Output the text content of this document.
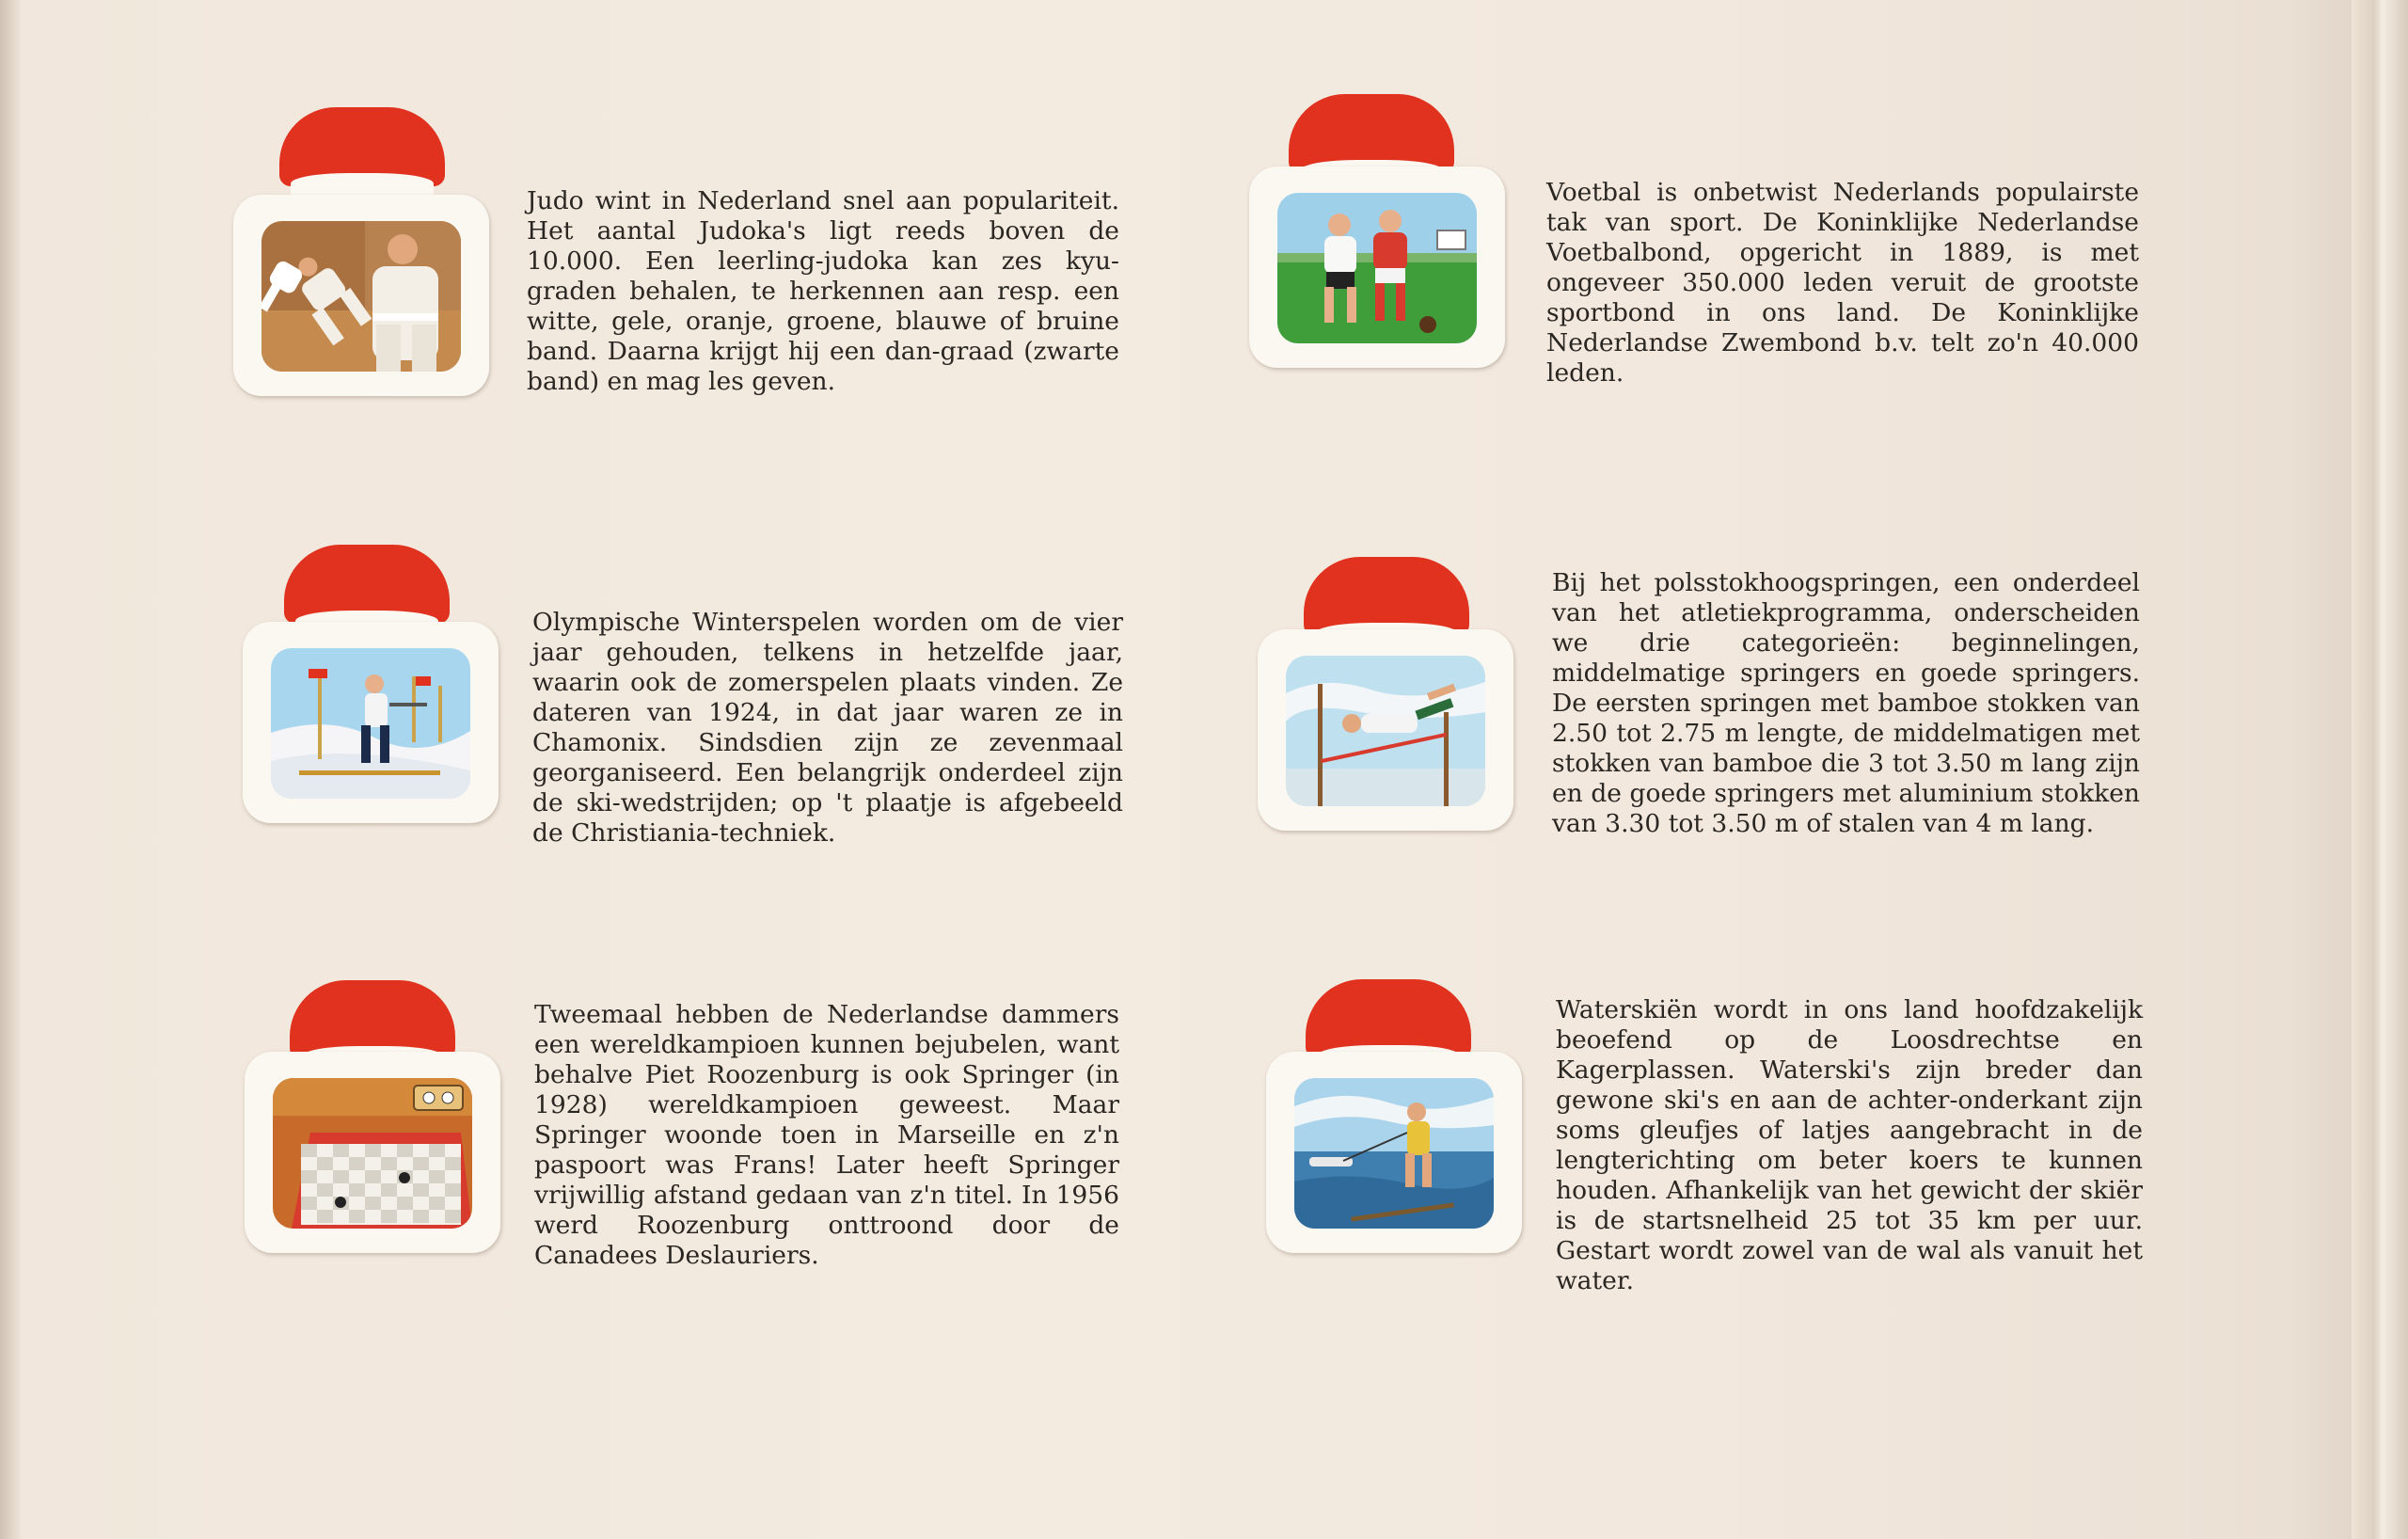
Judo wint in Nederland snel aan populariteit. Het aantal Judoka's ligt reeds boven de 10.000. Een leerling-judoka kan zes kyu-graden behalen, te herkennen aan resp. een witte, gele, oranje, groene, blauwe of bruine band. Daarna krijgt hij een dan-graad (zwarte band) en mag les geven.

Voetbal is onbetwist Nederlands populairste tak van sport. De Koninklijke Nederlandse Voetbalbond, opgericht in 1889, is met ongeveer 350.000 leden veruit de grootste sportbond in ons land. De Koninklijke Nederlandse Zwembond b.v. telt zo'n 40.000 leden.

Olympische Winterspelen worden om de vier jaar gehouden, telkens in hetzelfde jaar, waarin ook de zomerspelen plaats vinden. Ze dateren van 1924, in dat jaar waren ze in Chamonix. Sindsdien zijn ze zevenmaal georganiseerd. Een belangrijk onderdeel zijn de ski-wedstrijden; op 't plaatje is afgebeeld de Christiania-techniek.

Bij het polsstokhoogspringen, een onderdeel van het atletiekprogramma, onderscheiden we drie categorieën: beginnelingen, middelmatige springers en goede springers. De eersten springen met bamboe stokken van 2.50 tot 2.75 m lengte, de middelmatigen met stokken van bamboe die 3 tot 3.50 m lang zijn en de goede springers met aluminium stokken van 3.30 tot 3.50 m of stalen van 4 m lang.

Tweemaal hebben de Nederlandse dammers een wereldkampioen kunnen bejubelen, want behalve Piet Roozenburg is ook Springer (in 1928) wereldkampioen geweest. Maar Springer woonde toen in Marseille en z'n paspoort was Frans! Later heeft Springer vrijwillig afstand gedaan van z'n titel. In 1956 werd Roozenburg onttroond door de Canadees Deslauriers.

Waterskiën wordt in ons land hoofdzakelijk beoefend op de Loosdrechtse en Kagerplassen. Waterski's zijn breder dan gewone ski's en aan de achter-onderkant zijn soms gleufjes of latjes aangebracht in de lengterichting om beter koers te kunnen houden. Afhankelijk van het gewicht der skiër is de startsnelheid 25 tot 35 km per uur. Gestart wordt zowel van de wal als vanuit het water.
